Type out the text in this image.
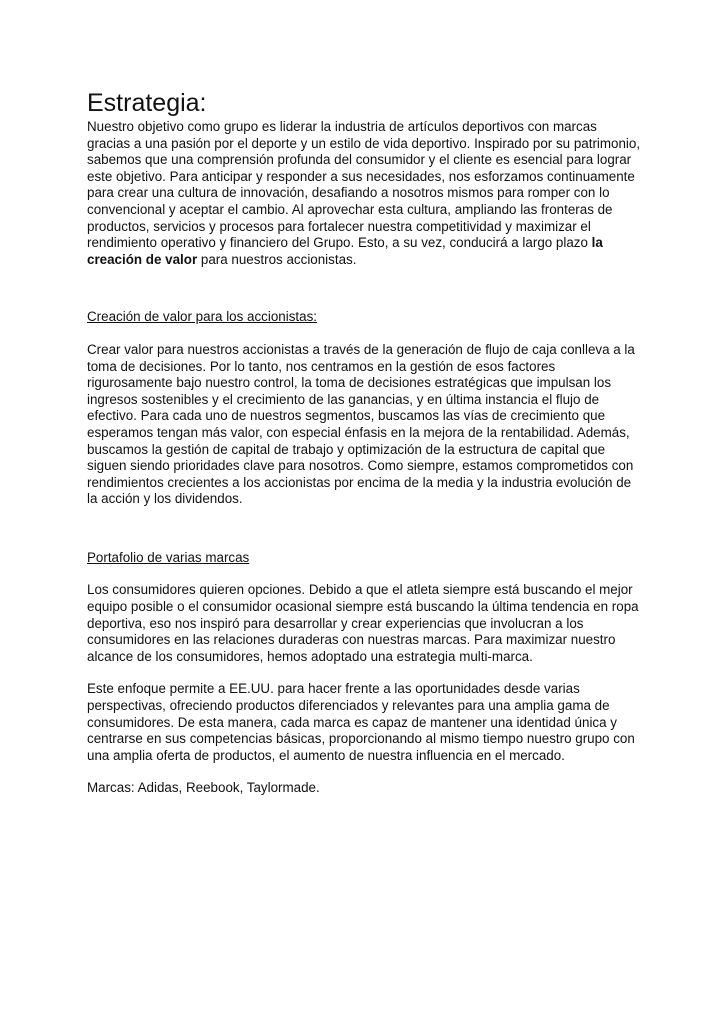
Estrategia:

Nuestro objetivo como grupo es liderar la industria de artículos deportivos con marcas gracias a una pasión por el deporte y un estilo de vida deportivo. Inspirado por su patrimonio, sabemos que una comprensión profunda del consumidor y el cliente es esencial para lograr este objetivo. Para anticipar y responder a sus necesidades, nos esforzamos continuamente para crear una cultura de innovación, desafiando a nosotros mismos para romper con lo convencional y aceptar el cambio. Al aprovechar esta cultura, ampliando las fronteras de productos, servicios y procesos para fortalecer nuestra competitividad y maximizar el rendimiento operativo y financiero del Grupo. Esto, a su vez, conducirá a largo plazo la creación de valor para nuestros accionistas.

Creación de valor para los accionistas:

Crear valor para nuestros accionistas a través de la generación de flujo de caja conlleva a la toma de decisiones. Por lo tanto, nos centramos en la gestión de esos factores rigurosamente bajo nuestro control, la toma de decisiones estratégicas que impulsan los ingresos sostenibles y el crecimiento de las ganancias, y en última instancia el flujo de efectivo. Para cada uno de nuestros segmentos, buscamos las vías de crecimiento que esperamos tengan más valor, con especial énfasis en la mejora de la rentabilidad. Además, buscamos la gestión de capital de trabajo y optimización de la estructura de capital que siguen siendo prioridades clave para nosotros. Como siempre, estamos comprometidos con rendimientos crecientes a los accionistas por encima de la media y la industria evolución de la acción y los dividendos.

Portafolio de varias marcas

Los consumidores quieren opciones. Debido a que el atleta siempre está buscando el mejor equipo posible o el consumidor ocasional siempre está buscando la última tendencia en ropa deportiva, eso nos inspiró para desarrollar y crear experiencias que involucran a los consumidores en las relaciones duraderas con nuestras marcas. Para maximizar nuestro alcance de los consumidores, hemos adoptado una estrategia multi-marca.

Este enfoque permite a EE.UU. para hacer frente a las oportunidades desde varias perspectivas, ofreciendo productos diferenciados y relevantes para una amplia gama de consumidores. De esta manera, cada marca es capaz de mantener una identidad única y centrarse en sus competencias básicas, proporcionando al mismo tiempo nuestro grupo con una amplia oferta de productos, el aumento de nuestra influencia en el mercado.

Marcas: Adidas, Reebook, Taylormade.
